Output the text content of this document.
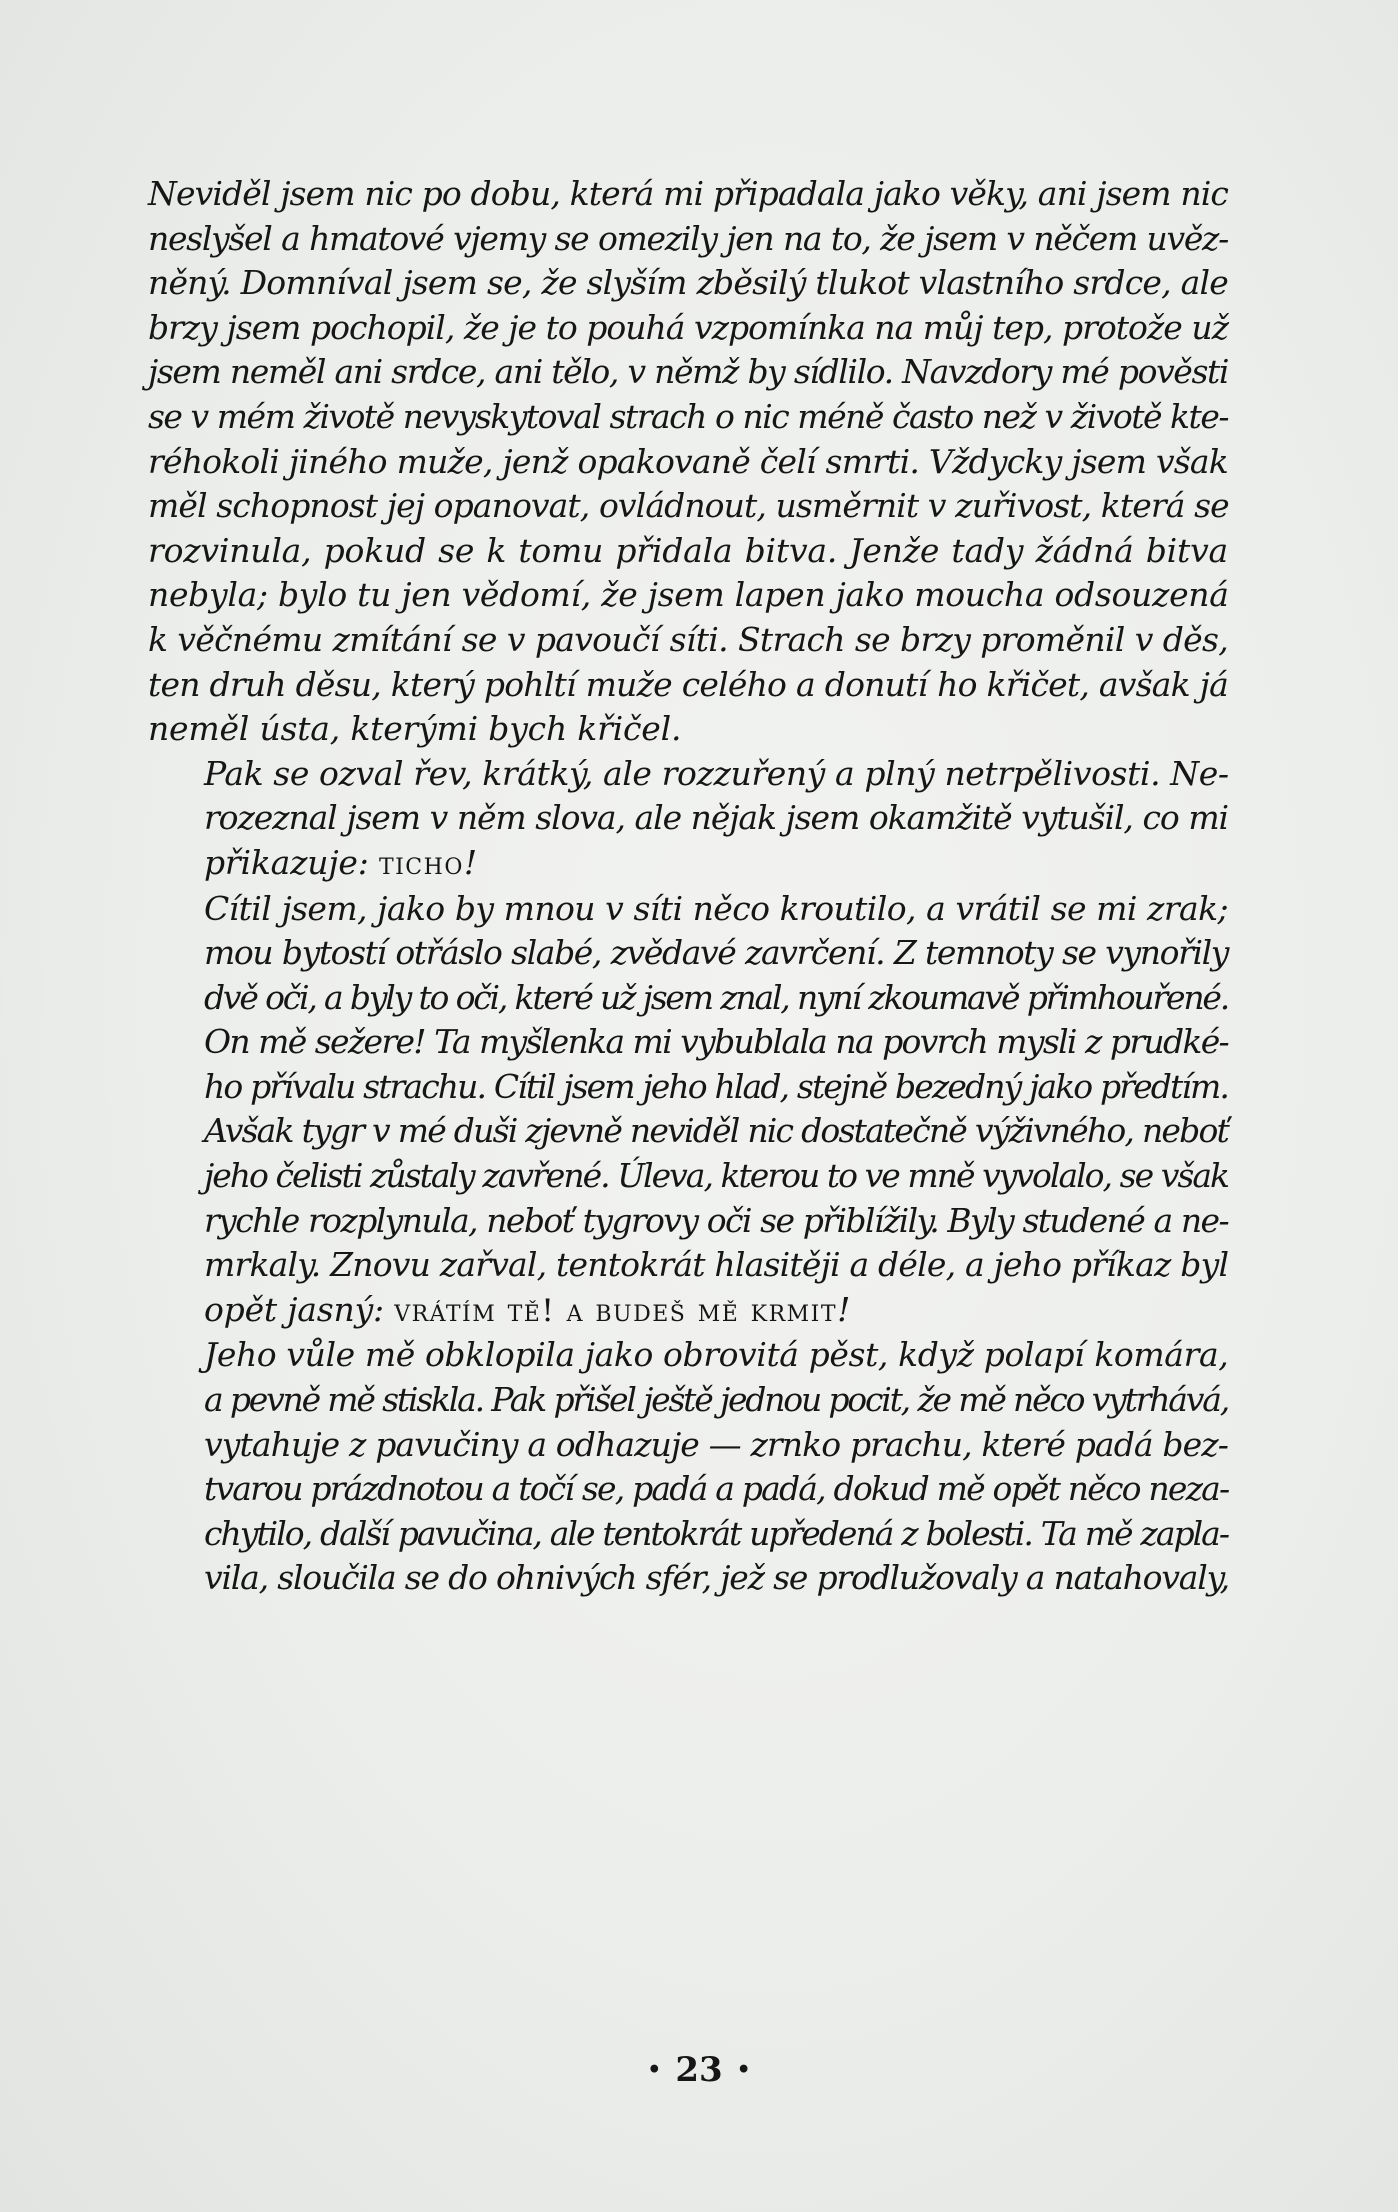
Neviděl jsem nic po dobu, která mi připadala jako věky, ani jsem nic
neslyšel a hmatové vjemy se omezily jen na to, že jsem v něčem uvěz-
něný. Domníval jsem se, že slyším zběsilý tlukot vlastního srdce, ale
brzy jsem pochopil, že je to pouhá vzpomínka na můj tep, protože už
jsem neměl ani srdce, ani tělo, v němž by sídlilo. Navzdory mé pověsti
se v mém životě nevyskytoval strach o nic méně často než v životě kte-
réhokoli jiného muže, jenž opakovaně čelí smrti. Vždycky jsem však
měl schopnost jej opanovat, ovládnout, usměrnit v zuřivost, která se
rozvinula, pokud se k tomu přidala bitva. Jenže tady žádná bitva
nebyla; bylo tu jen vědomí, že jsem lapen jako moucha odsouzená
k věčnému zmítání se v pavoučí síti. Strach se brzy proměnil v děs,
ten druh děsu, který pohltí muže celého a donutí ho křičet, avšak já
neměl ústa, kterými bych křičel.

Pak se ozval řev, krátký, ale rozzuřený a plný netrpělivosti. Ne-
rozeznal jsem v něm slova, ale nějak jsem okamžitě vytušil, co mi
přikazuje: ticho!

Cítil jsem, jako by mnou v síti něco kroutilo, a vrátil se mi zrak;
mou bytostí otřáslo slabé, zvědavé zavrčení. Z temnoty se vynořily
dvě oči, a byly to oči, které už jsem znal, nyní zkoumavě přimhouřené.
On mě sežere! Ta myšlenka mi vybublala na povrch mysli z prudké-
ho přívalu strachu. Cítil jsem jeho hlad, stejně bezedný jako předtím.
Avšak tygr v mé duši zjevně neviděl nic dostatečně výživného, neboť
jeho čelisti zůstaly zavřené. Úleva, kterou to ve mně vyvolalo, se však
rychle rozplynula, neboť tygrovy oči se přiblížily. Byly studené a ne-
mrkaly. Znovu zařval, tentokrát hlasitěji a déle, a jeho příkaz byl
opět jasný: vrátím tě! a budeš mě krmit!

Jeho vůle mě obklopila jako obrovitá pěst, když polapí komára,
a pevně mě stiskla. Pak přišel ještě jednou pocit, že mě něco vytrhává,
vytahuje z pavučiny a odhazuje — zrnko prachu, které padá bez-
tvarou prázdnotou a točí se, padá a padá, dokud mě opět něco neza-
chytilo, další pavučina, ale tentokrát upředená z bolesti. Ta mě zapla-
vila, sloučila se do ohnivých sfér, jež se prodlužovaly a natahovaly,

• 23 •
